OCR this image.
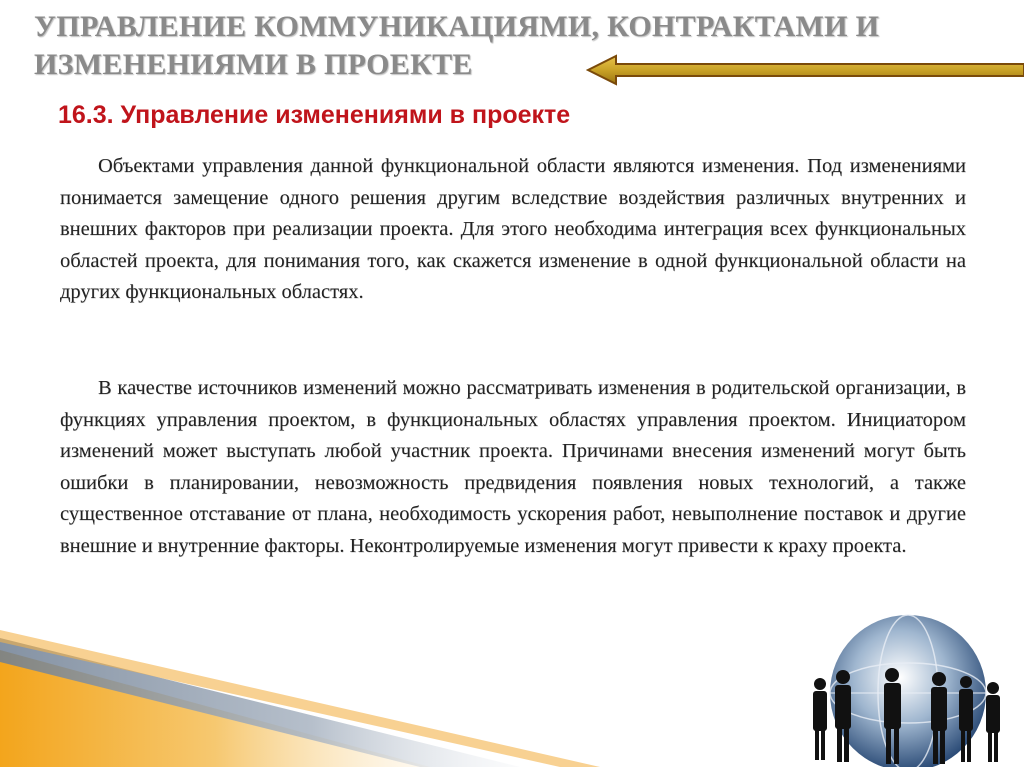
УПРАВЛЕНИЕ КОММУНИКАЦИЯМИ, КОНТРАКТАМИ И
ИЗМЕНЕНИЯМИ В ПРОЕКТЕ
16.3. Управление изменениями в проекте

Объектами управления данной функциональной области являются изменения. Под изменениями понимается замещение одного решения другим вследствие воздействия различных внутренних и внешних факторов при реализации проекта. Для этого необходима интеграция всех функциональных областей проекта, для понимания того, как скажется изменение в одной функциональной области на других функциональных областях.

В качестве источников изменений можно рассматривать изменения в родительской организации, в функциях управления проектом, в функциональных областях управления проектом. Инициатором изменений может выступать любой участник проекта. Причинами внесения изменений могут быть ошибки в планировании, невозможность предвидения появления новых технологий, а также существенное отставание от плана, необходимость ускорения работ, невыполнение поставок и другие внешние и внутренние факторы. Неконтролируемые изменения могут привести к краху проекта.
